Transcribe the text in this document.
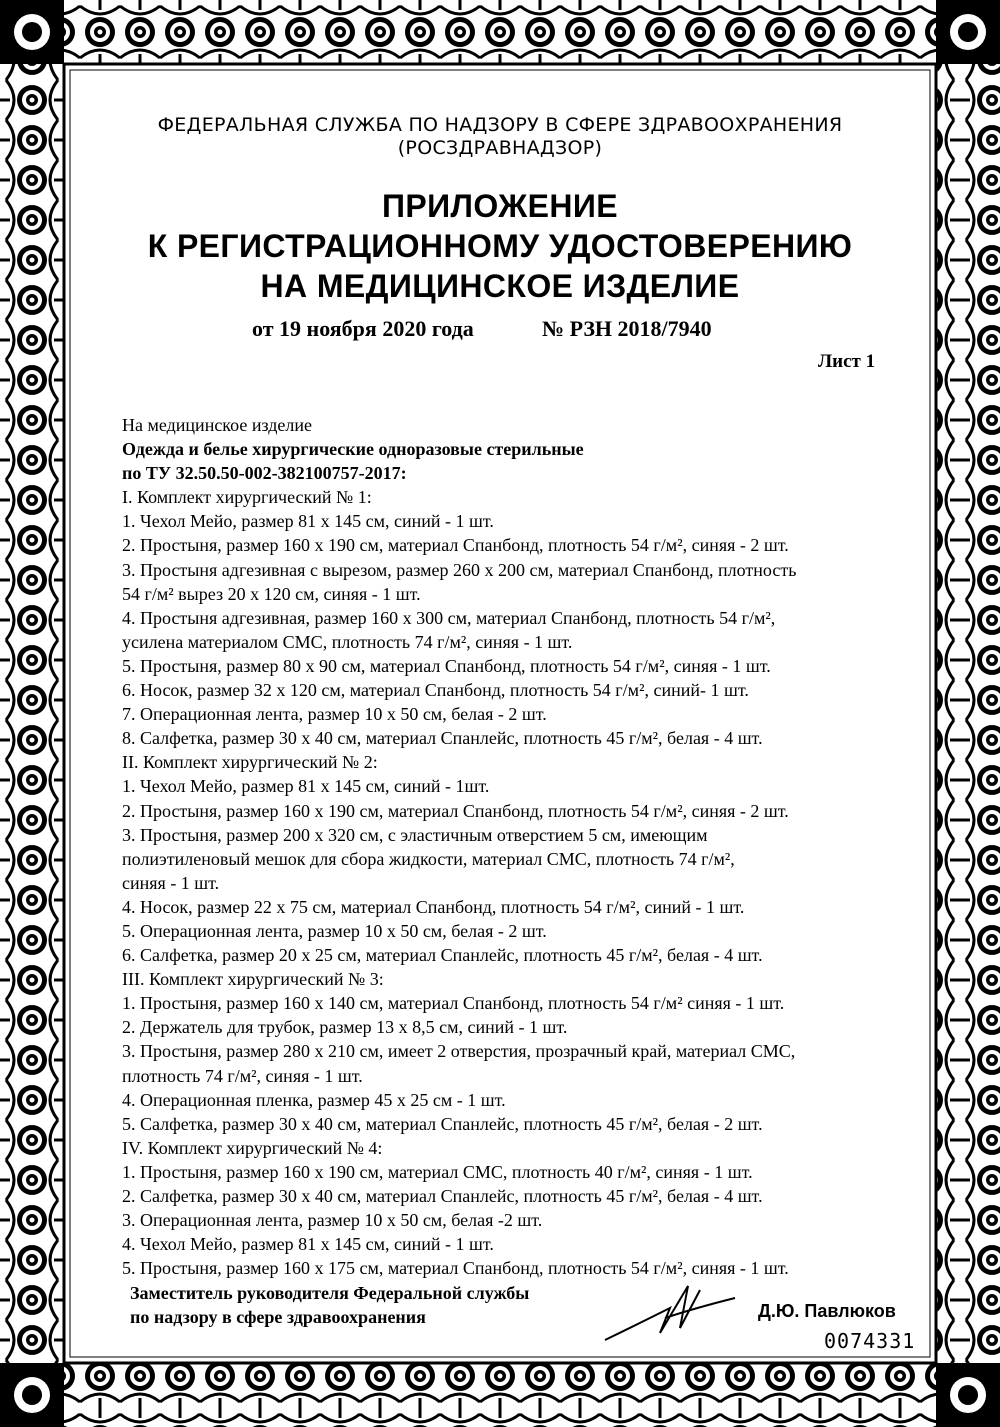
ФЕДЕРАЛЬНАЯ СЛУЖБА ПО НАДЗОРУ В СФЕРЕ ЗДРАВООХРАНЕНИЯ
(РОСЗДРАВНАДЗОР)
ПРИЛОЖЕНИЕ
К РЕГИСТРАЦИОННОМУ УДОСТОВЕРЕНИЮ
НА МЕДИЦИНСКОЕ ИЗДЕЛИЕ
от 19 ноября 2020 года	№ РЗН 2018/7940
Лист 1
На медицинское изделие
Одежда и белье хирургические одноразовые стерильные
по ТУ 32.50.50-002-382100757-2017:
I. Комплект хирургический № 1:
1. Чехол Мейо, размер 81 x 145 см, синий - 1 шт.
2. Простыня, размер 160 x 190 см, материал Спанбонд, плотность 54 г/м², синяя - 2 шт.
3. Простыня адгезивная с вырезом, размер 260 x 200 см, материал Спанбонд, плотность
54 г/м² вырез 20 x 120 см, синяя - 1 шт.
4. Простыня адгезивная, размер 160 x 300 см, материал Спанбонд, плотность 54 г/м²,
усилена материалом СМС, плотность 74 г/м², синяя - 1 шт.
5. Простыня, размер 80 x 90 см, материал Спанбонд, плотность 54 г/м², синяя - 1 шт.
6. Носок, размер 32 x 120 см, материал Спанбонд, плотность 54 г/м², синий- 1 шт.
7. Операционная лента, размер 10 x 50 см, белая - 2 шт.
8. Салфетка, размер 30 x 40 см, материал Спанлейс, плотность 45 г/м², белая - 4 шт.
II. Комплект хирургический № 2:
1. Чехол Мейо, размер 81 x 145 см, синий - 1шт.
2. Простыня, размер 160 x 190 см, материал Спанбонд, плотность 54 г/м², синяя - 2 шт.
3. Простыня, размер 200 x 320 см, с эластичным отверстием 5 см, имеющим
полиэтиленовый мешок для сбора жидкости, материал СМС, плотность 74 г/м²,
синяя - 1 шт.
4. Носок, размер 22 x 75 см, материал Спанбонд, плотность 54 г/м², синий - 1 шт.
5. Операционная лента, размер 10 x 50 см, белая - 2 шт.
6. Салфетка, размер 20 x 25 см, материал Спанлейс, плотность 45 г/м², белая - 4 шт.
III. Комплект хирургический № 3:
1. Простыня, размер 160 x 140 см, материал Спанбонд, плотность 54 г/м² синяя - 1 шт.
2. Держатель для трубок, размер 13 x 8,5 см, синий - 1 шт.
3. Простыня, размер 280 x 210 см, имеет 2 отверстия, прозрачный край, материал СМС,
плотность 74 г/м², синяя - 1 шт.
4. Операционная пленка, размер 45 x 25 см - 1 шт.
5. Салфетка, размер 30 x 40 см, материал Спанлейс, плотность 45 г/м², белая - 2 шт.
IV. Комплект хирургический № 4:
1. Простыня, размер 160 x 190 см, материал СМС, плотность 40 г/м², синяя - 1 шт.
2. Салфетка, размер 30 x 40 см, материал Спанлейс, плотность 45 г/м², белая - 4 шт.
3. Операционная лента, размер 10 x 50 см, белая -2 шт.
4. Чехол Мейо, размер 81 x 145 см, синий - 1 шт.
5. Простыня, размер 160 x 175 см, материал Спанбонд, плотность 54 г/м², синяя - 1 шт.
Заместитель руководителя Федеральной службы
по надзору в сфере здравоохранения	Д.Ю. Павлюков
0074331
